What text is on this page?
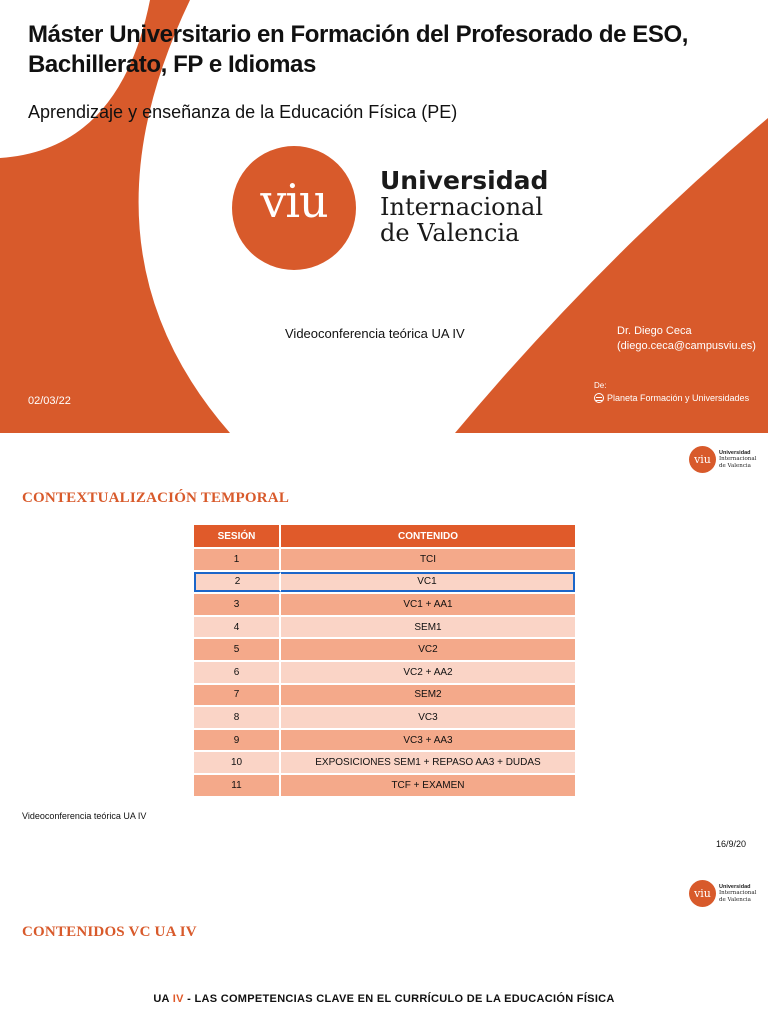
Máster Universitario en Formación del Profesorado de ESO, Bachillerato, FP e Idiomas
Aprendizaje y enseñanza de la Educación Física (PE)
viu	Universidad
Internacional
de Valencia
Videoconferencia teórica UA IV	Dr. Diego Ceca
(diego.ceca@campusviu.es)
02/03/22
De:
Planeta Formación y Universidades
viu	Universidad
Internacional
de Valencia
CONTEXTUALIZACIÓN TEMPORAL
SESIÓN	CONTENIDO
1	TCI
2	VC1
3	VC1 + AA1
4	SEM1
5	VC2
6	VC2 + AA2
7	SEM2
8	VC3
9	VC3 + AA3
10	EXPOSICIONES SEM1 + REPASO AA3 + DUDAS
11	TCF + EXAMEN
Videoconferencia teórica UA IV
16/9/20
viu	Universidad
Internacional
de Valencia
CONTENIDOS VC UA IV
UA IV - LAS COMPETENCIAS CLAVE EN EL CURRÍCULO DE LA EDUCACIÓN FÍSICA
